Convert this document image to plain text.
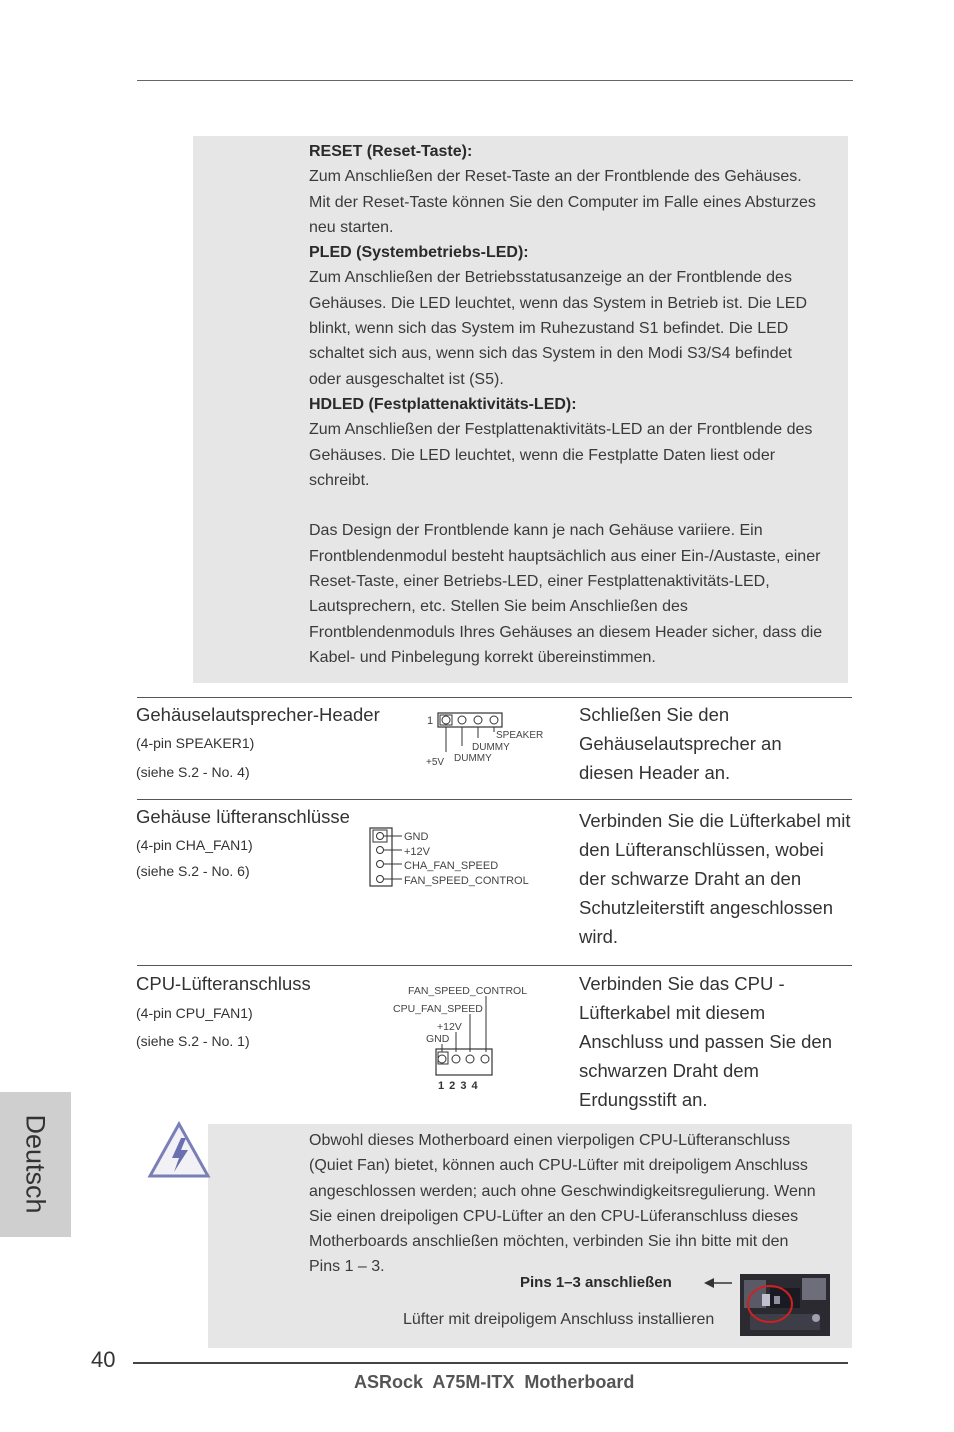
RESET (Reset-Taste):
Zum Anschließen der Reset-Taste an der Frontblende des Gehäuses.
Mit der Reset-Taste können Sie den Computer im Falle eines Absturzes
neu starten.
PLED (Systembetriebs-LED):
Zum Anschließen der Betriebsstatusanzeige an der Frontblende des
Gehäuses. Die LED leuchtet, wenn das System in Betrieb ist. Die LED
blinkt, wenn sich das System im Ruhezustand S1 befindet. Die LED
schaltet sich aus, wenn sich das System in den Modi S3/S4 befindet
oder ausgeschaltet ist (S5).
HDLED (Festplattenaktivitäts-LED):
Zum Anschließen der Festplattenaktivitäts-LED an der Frontblende des
Gehäuses. Die LED leuchtet, wenn die Festplatte Daten liest oder
schreibt.
Das Design der Frontblende kann je nach Gehäuse variiere. Ein
Frontblendenmodul besteht hauptsächlich aus einer Ein-/Austaste, einer
Reset-Taste, einer Betriebs-LED, einer Festplattenaktivitäts-LED,
Lautsprechern, etc. Stellen Sie beim Anschließen des
Frontblendenmoduls Ihres Gehäuses an diesem Header sicher, dass die
Kabel- und Pinbelegung korrekt übereinstimmen.
Gehäuselautsprecher-Header
(4-pin SPEAKER1)
(siehe S.2 - No. 4)
Schließen Sie den
Gehäuselautsprecher an
diesen Header an.
1
SPEAKER
DUMMY
DUMMY
+5V
Gehäuse lüfteranschlüsse
(4-pin CHA_FAN1)
(siehe S.2 - No. 6)
Verbinden Sie die Lüfterkabel mit
den Lüfteranschlüssen, wobei
der schwarze Draht an den
Schutzleiterstift angeschlossen
wird.
GND
+12V
CHA_FAN_SPEED
FAN_SPEED_CONTROL
CPU-Lüfteranschluss
(4-pin CPU_FAN1)
(siehe S.2 - No. 1)
Verbinden Sie das CPU -
Lüfterkabel mit diesem
Anschluss und passen Sie den
schwarzen Draht dem
Erdungsstift an.
FAN_SPEED_CONTROL
CPU_FAN_SPEED
+12V
GND
1 2 3 4
Obwohl dieses Motherboard einen vierpoligen CPU-Lüfteranschluss
(Quiet Fan) bietet, können auch CPU-Lüfter mit dreipoligem Anschluss
angeschlossen werden; auch ohne Geschwindigkeitsregulierung. Wenn
Sie einen dreipoligen CPU-Lüfter an den CPU-Lüferanschluss dieses
Motherboards anschließen möchten, verbinden Sie ihn bitte mit den
Pins 1 – 3.
Pins 1–3 anschließen
Lüfter mit dreipoligem Anschluss installieren
Deutsch
40
ASRock  A75M-ITX  Motherboard
